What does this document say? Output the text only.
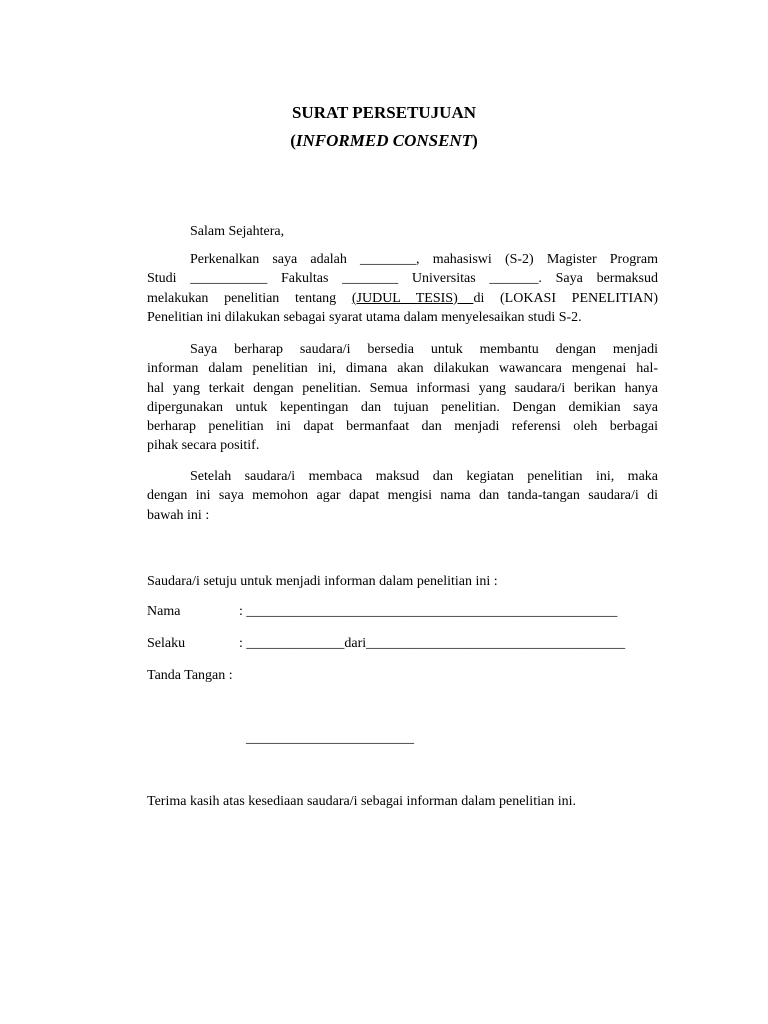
SURAT PERSETUJUAN
(INFORMED CONSENT)
Salam Sejahtera,
Perkenalkan saya adalah ________, mahasiswi (S-2) Magister Program
Studi ___________ Fakultas ________ Universitas _______. Saya bermaksud
melakukan penelitian tentang (JUDUL TESIS) di (LOKASI PENELITIAN)
Penelitian ini dilakukan sebagai syarat utama dalam menyelesaikan studi S-2.
Saya berharap saudara/i bersedia untuk membantu dengan menjadi
informan dalam penelitian ini, dimana akan dilakukan wawancara mengenai hal-
hal yang terkait dengan penelitian. Semua informasi yang saudara/i berikan hanya
dipergunakan untuk kepentingan dan tujuan penelitian. Dengan demikian saya
berharap penelitian ini dapat bermanfaat dan menjadi referensi oleh berbagai
pihak secara positif.
Setelah saudara/i membaca maksud dan kegiatan penelitian ini, maka
dengan ini saya memohon agar dapat mengisi nama dan tanda-tangan saudara/i di
bawah ini :
Saudara/i setuju untuk menjadi informan dalam penelitian ini :
Nama	: _____________________________________________________
Selaku	: ______________dari_____________________________________
Tanda Tangan :
________________________
Terima kasih atas kesediaan saudara/i sebagai informan dalam penelitian ini.
